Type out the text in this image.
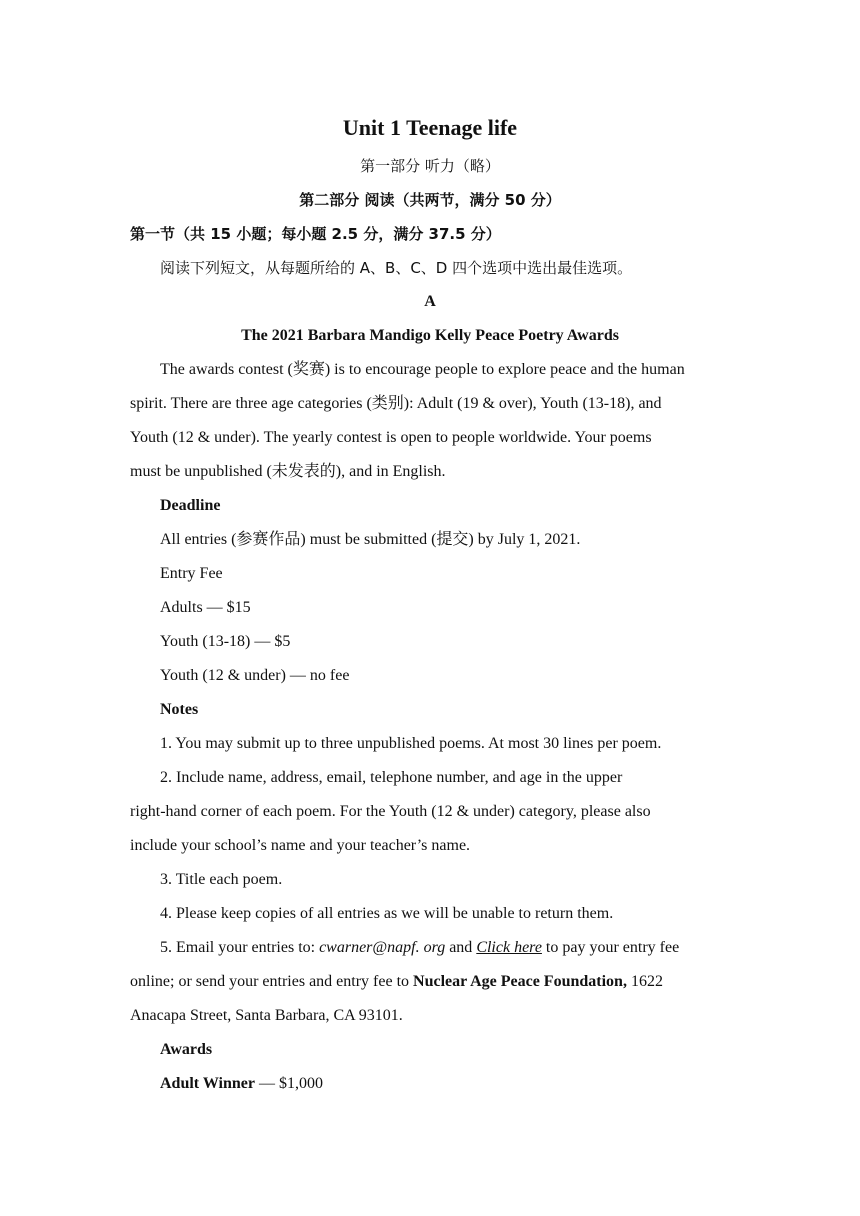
Unit 1 Teenage life
第一部分 听力（略）
第二部分 阅读（共两节，满分 50 分）
第一节（共 15 小题；每小题 2.5 分，满分 37.5 分）
阅读下列短文，从每题所给的 A、B、C、D 四个选项中选出最佳选项。
A
The 2021 Barbara Mandigo Kelly Peace Poetry Awards
The awards contest (奖赛) is to encourage people to explore peace and the human
spirit. There are three age categories (类别): Adult (19 & over), Youth (13-18), and
Youth (12 & under). The yearly contest is open to people worldwide. Your poems
must be unpublished (未发表的), and in English.
Deadline
All entries (参赛作品) must be submitted (提交) by July 1, 2021.
Entry Fee
Adults — $15
Youth (13-18) — $5
Youth (12 & under) — no fee
Notes
1. You may submit up to three unpublished poems. At most 30 lines per poem.
2. Include name, address, email, telephone number, and age in the upper
right-hand corner of each poem. For the Youth (12 & under) category, please also
include your school’s name and your teacher’s name.
3. Title each poem.
4. Please keep copies of all entries as we will be unable to return them.
5. Email your entries to: cwarner@napf. org and Click here to pay your entry fee
online; or send your entries and entry fee to Nuclear Age Peace Foundation, 1622
Anacapa Street, Santa Barbara, CA 93101.
Awards
Adult Winner — $1,000
